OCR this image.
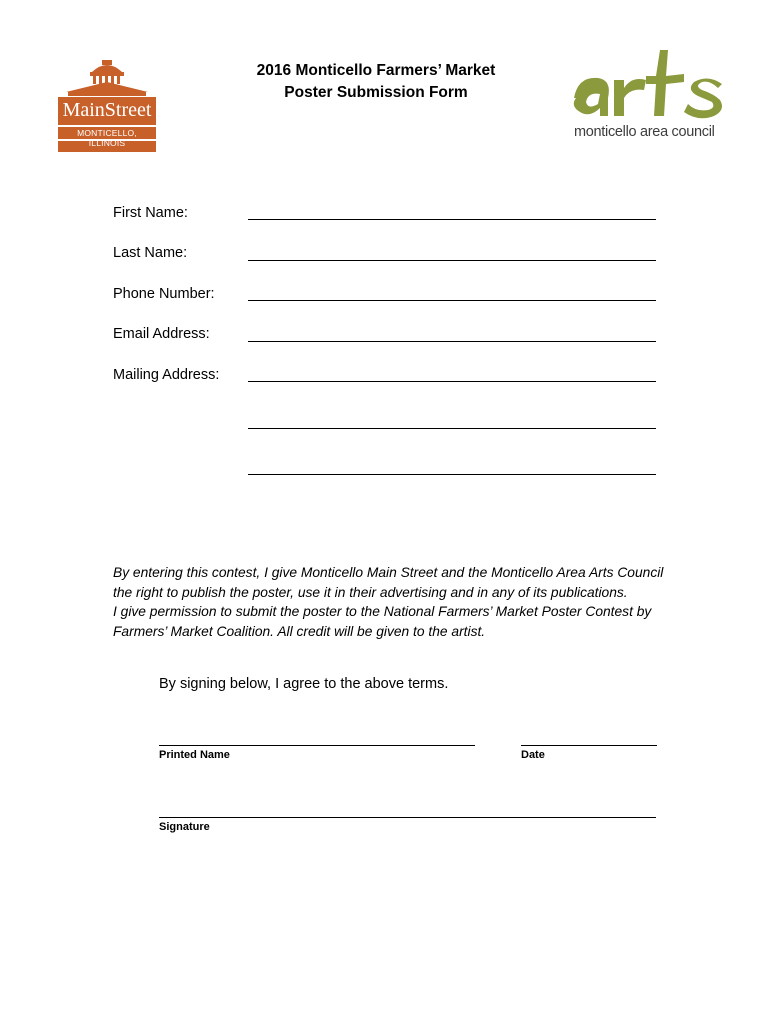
MainStreet
MONTICELLO, ILLINOIS
monticello area council
2016 Monticello Farmers’ Market
Poster Submission Form
First Name:
Last Name:
Phone Number:
Email Address:
Mailing Address:
By entering this contest, I give Monticello Main Street and the Monticello Area Arts Council
the right to publish the poster, use it in their advertising and in any of its publications.
I give permission to submit the poster to the National Farmers’ Market Poster Contest by
Farmers’ Market Coalition. All credit will be given to the artist.
By signing below, I agree to the above terms.
Printed Name	Date
Signature
